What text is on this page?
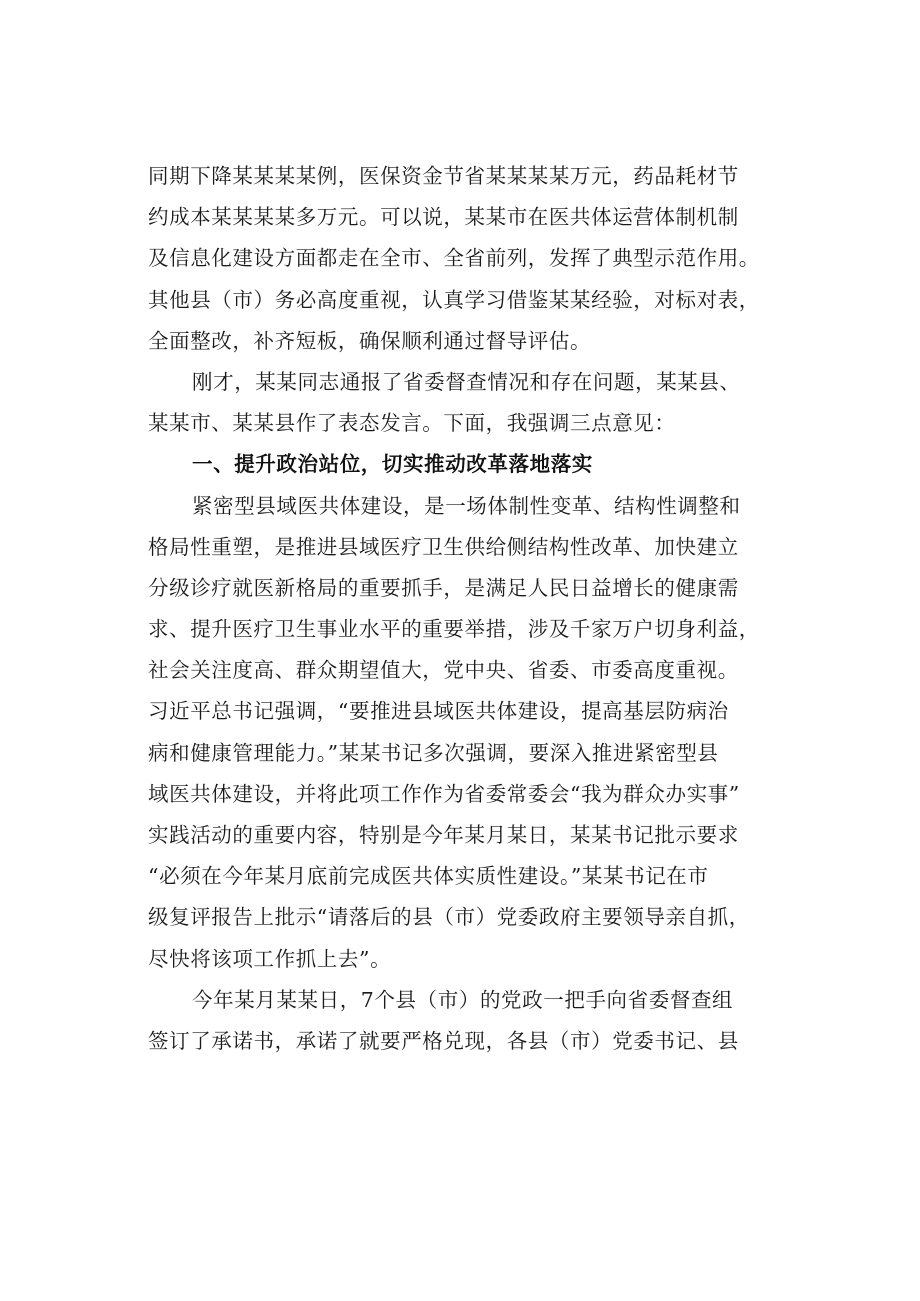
同期下降某某某某例，医保资金节省某某某某万元，药品耗材节
约成本某某某某多万元。可以说，某某市在医共体运营体制机制
及信息化建设方面都走在全市、全省前列，发挥了典型示范作用。
其他县（市）务必高度重视，认真学习借鉴某某经验，对标对表，
全面整改，补齐短板，确保顺利通过督导评估。
刚才，某某同志通报了省委督查情况和存在问题，某某县、
某某市、某某县作了表态发言。下面，我强调三点意见：
一、提升政治站位，切实推动改革落地落实
紧密型县域医共体建设，是一场体制性变革、结构性调整和
格局性重塑，是推进县域医疗卫生供给侧结构性改革、加快建立
分级诊疗就医新格局的重要抓手，是满足人民日益增长的健康需
求、提升医疗卫生事业水平的重要举措，涉及千家万户切身利益，
社会关注度高、群众期望值大，党中央、省委、市委高度重视。
习近平总书记强调，“要推进县域医共体建设，提高基层防病治
病和健康管理能力。”某某书记多次强调，要深入推进紧密型县
域医共体建设，并将此项工作作为省委常委会“我为群众办实事”
实践活动的重要内容，特别是今年某月某日，某某书记批示要求
“必须在今年某月底前完成医共体实质性建设。”某某书记在市
级复评报告上批示“请落后的县（市）党委政府主要领导亲自抓，
尽快将该项工作抓上去”。
今年某月某某日，7个县（市）的党政一把手向省委督查组
签订了承诺书，承诺了就要严格兑现，各县（市）党委书记、县
